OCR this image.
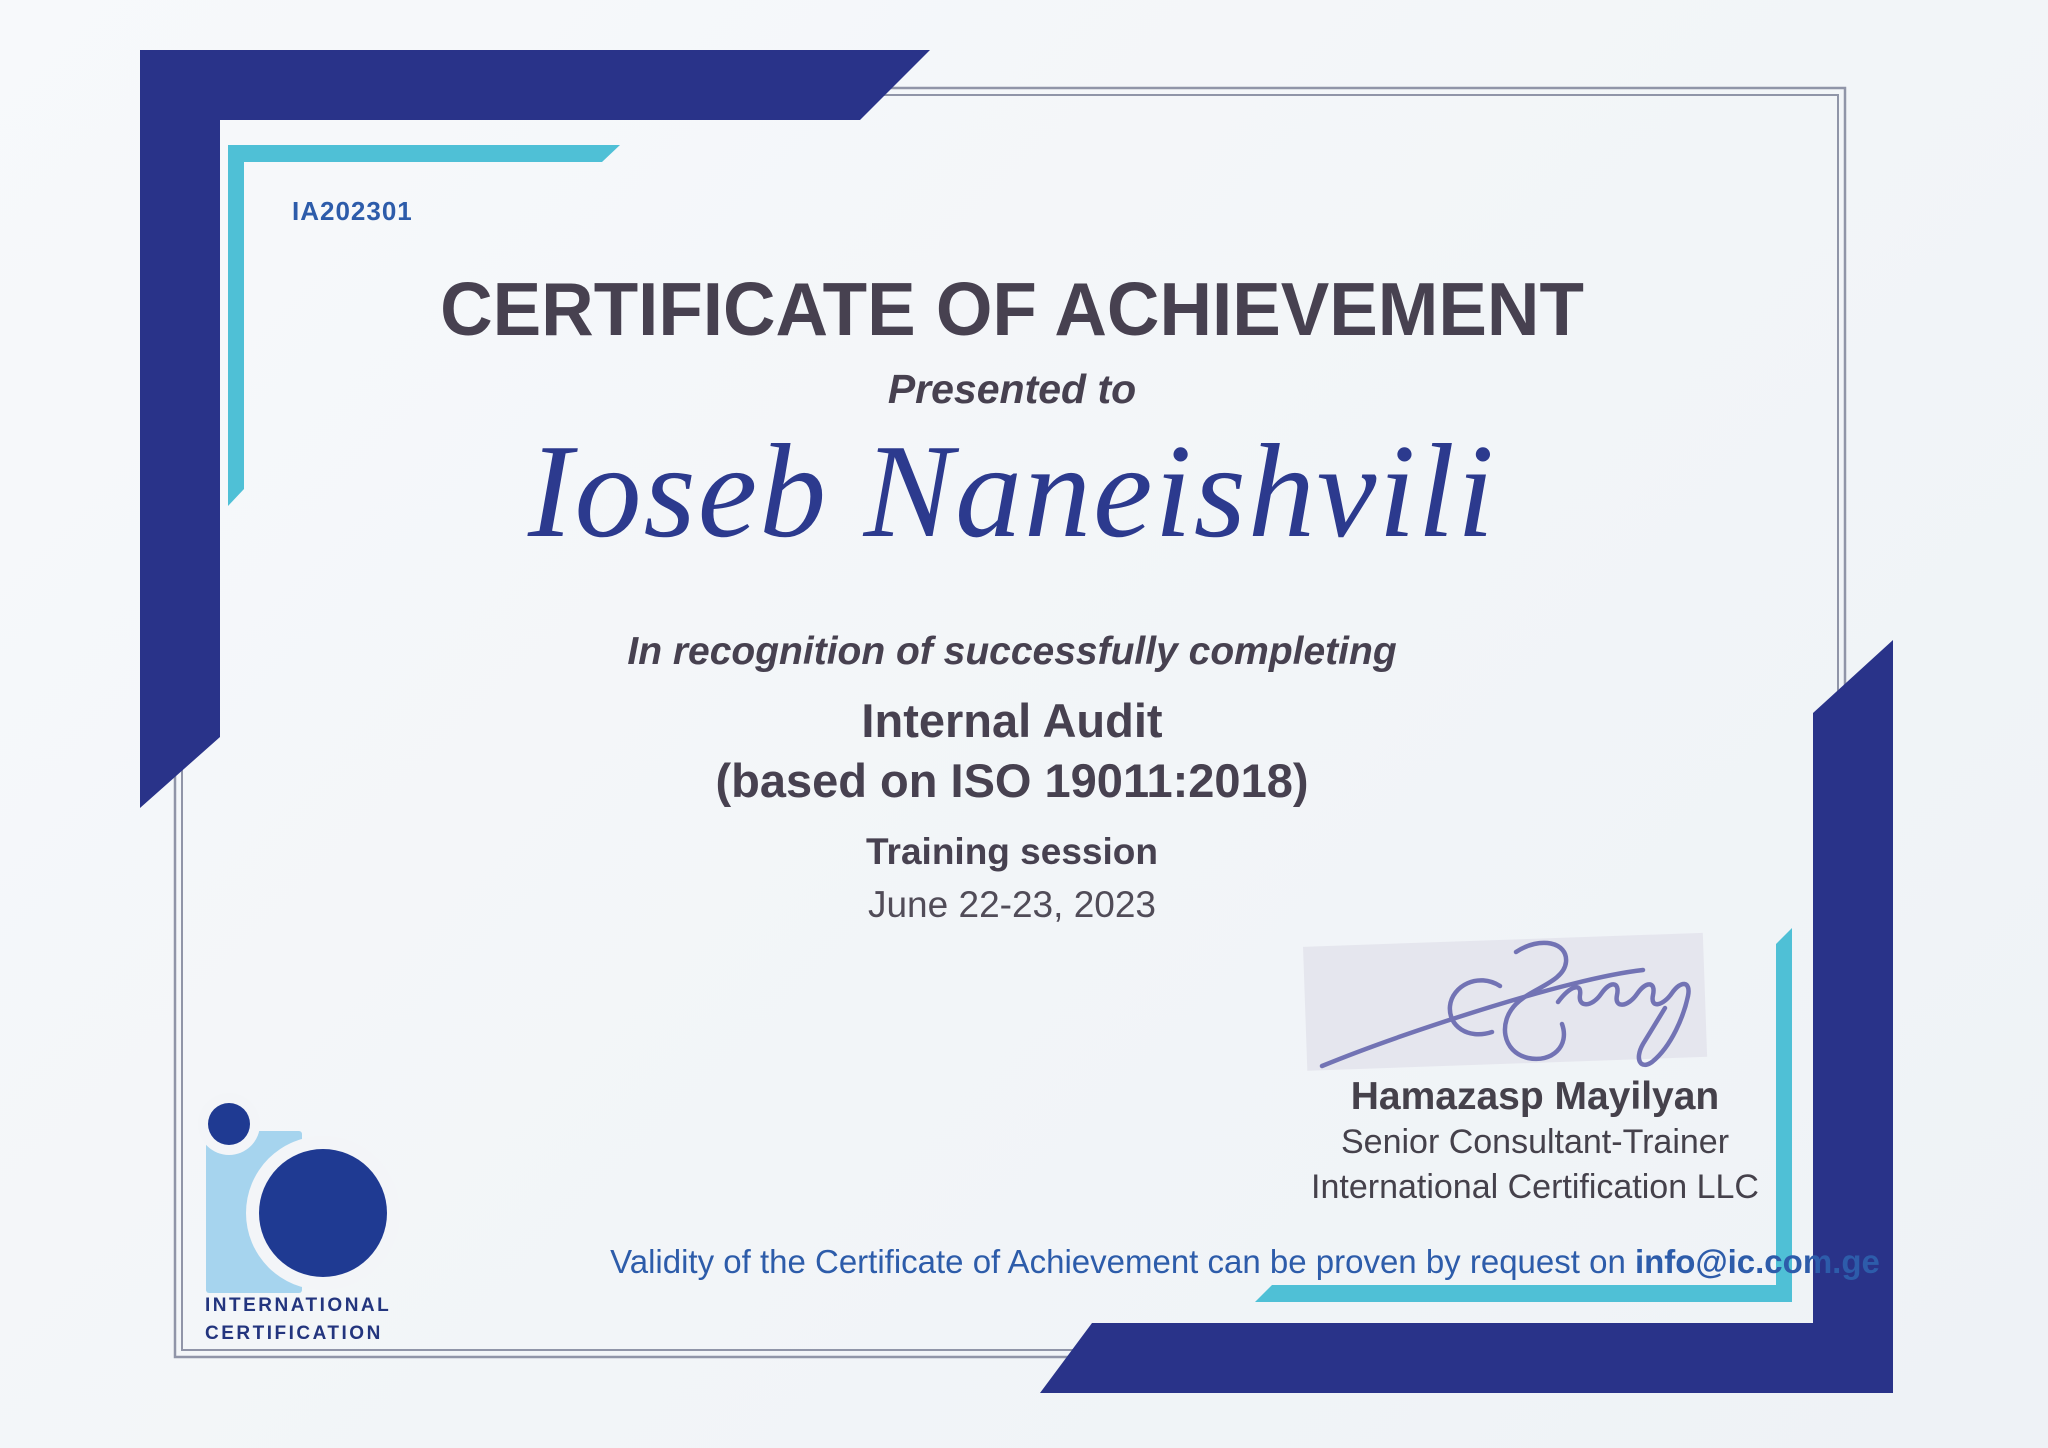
IA202301
CERTIFICATE OF ACHIEVEMENT
Presented to
Ioseb Naneishvili
In recognition of successfully completing
Internal Audit
(based on ISO 19011:2018)
Training session
June 22-23, 2023
Hamazasp Mayilyan
Senior Consultant-Trainer
International Certification LLC
Validity of the Certificate of Achievement can be proven by request on info@ic.com.ge
INTERNATIONAL
CERTIFICATION
